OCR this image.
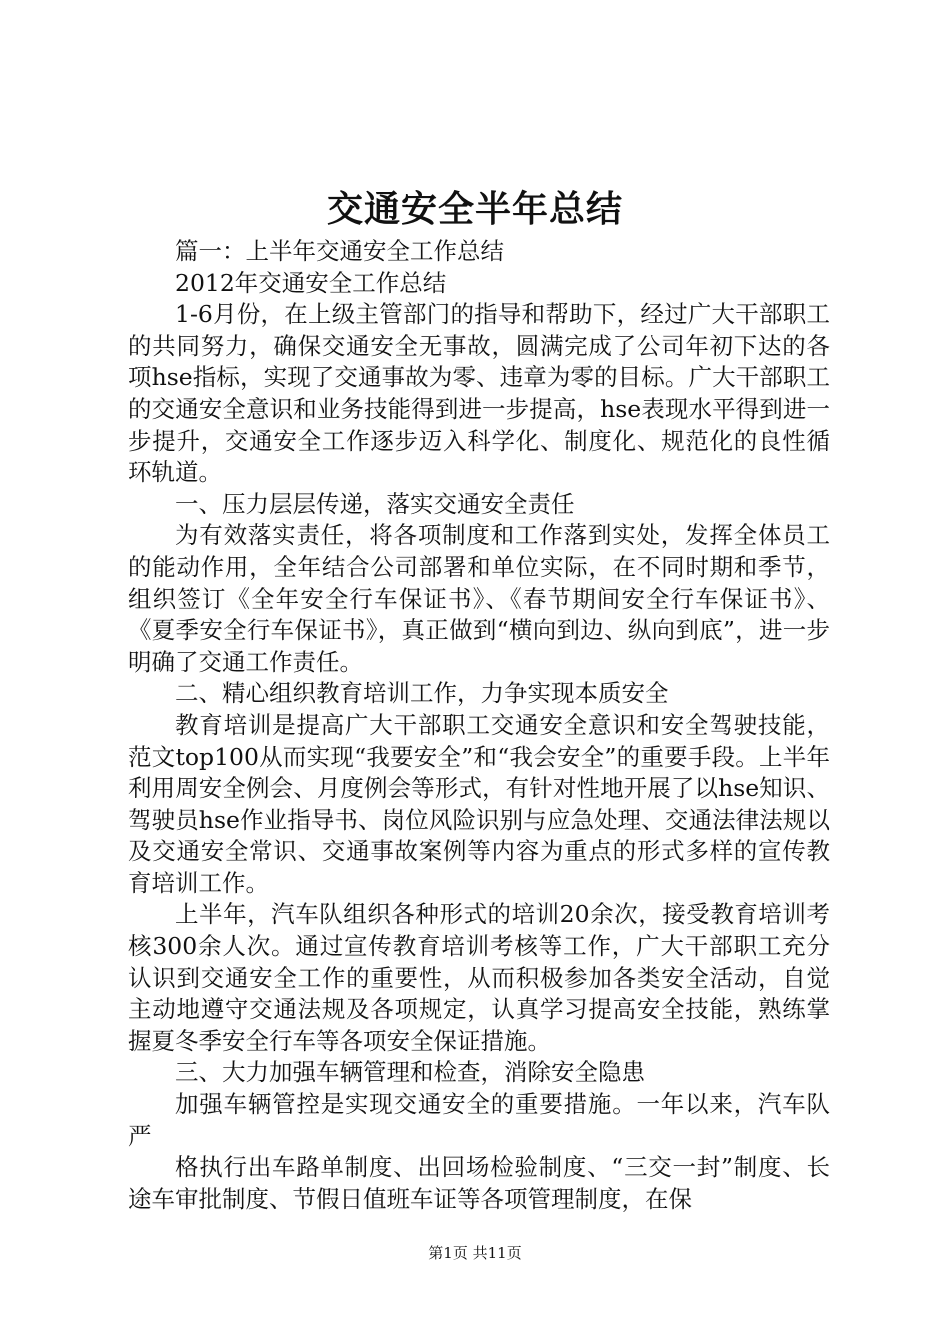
交通安全半年总结

篇一：上半年交通安全工作总结

2012年交通安全工作总结

1-6月份，在上级主管部门的指导和帮助下，经过广大干部职工的共同努力，确保交通安全无事故，圆满完成了公司年初下达的各项hse指标，实现了交通事故为零、违章为零的目标。广大干部职工的交通安全意识和业务技能得到进一步提高，hse表现水平得到进一步提升，交通安全工作逐步迈入科学化、制度化、规范化的良性循环轨道。

一、压力层层传递，落实交通安全责任

为有效落实责任，将各项制度和工作落到实处，发挥全体员工的能动作用，全年结合公司部署和单位实际，在不同时期和季节，组织签订《全年安全行车保证书》、《春节期间安全行车保证书》、《夏季安全行车保证书》，真正做到“横向到边、纵向到底”，进一步明确了交通工作责任。

二、精心组织教育培训工作，力争实现本质安全

教育培训是提高广大干部职工交通安全意识和安全驾驶技能，范文top100从而实现“我要安全”和“我会安全”的重要手段。上半年利用周安全例会、月度例会等形式，有针对性地开展了以hse知识、驾驶员hse作业指导书、岗位风险识别与应急处理、交通法律法规以及交通安全常识、交通事故案例等内容为重点的形式多样的宣传教育培训工作。

上半年，汽车队组织各种形式的培训20余次，接受教育培训考核300余人次。通过宣传教育培训考核等工作，广大干部职工充分认识到交通安全工作的重要性，从而积极参加各类安全活动，自觉主动地遵守交通法规及各项规定，认真学习提高安全技能，熟练掌握夏冬季安全行车等各项安全保证措施。

三、大力加强车辆管理和检查，消除安全隐患

加强车辆管控是实现交通安全的重要措施。一年以来，汽车队严

格执行出车路单制度、出回场检验制度、“三交一封”制度、长途车审批制度、节假日值班车证等各项管理制度，在保

第1页 共11页
